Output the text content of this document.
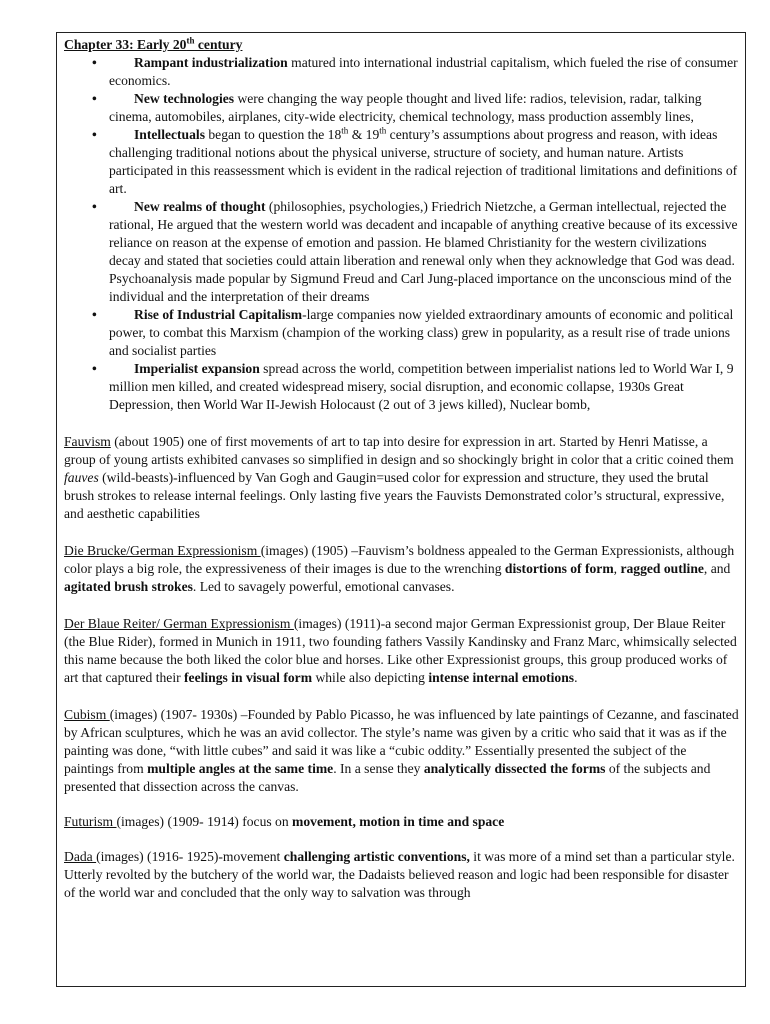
Chapter 33: Early 20th century
•	Rampant industrialization matured into international industrial capitalism, which fueled the rise of consumer economics.
•	New technologies were changing the way people thought and lived life: radios, television, radar, talking cinema, automobiles, airplanes, city-wide electricity, chemical technology, mass production assembly lines,
•	Intellectuals began to question the 18th & 19th century’s assumptions about progress and reason, with ideas challenging traditional notions about the physical universe, structure of society, and human nature. Artists participated in this reassessment which is evident in the radical rejection of traditional limitations and definitions of art.
•	New realms of thought (philosophies, psychologies,) Friedrich Nietzche, a German intellectual, rejected the rational, He argued that the western world was decadent and incapable of anything creative because of its excessive reliance on reason at the expense of emotion and passion. He blamed Christianity for the western civilizations decay and stated that societies could attain liberation and renewal only when they acknowledge that God was dead. Psychoanalysis made popular by Sigmund Freud and Carl Jung-placed importance on the unconscious mind of the individual and the interpretation of their dreams
•	Rise of Industrial Capitalism-large companies now yielded extraordinary amounts of economic and political power, to combat this Marxism (champion of the working class) grew in popularity, as a result rise of trade unions and socialist parties
•	Imperialist expansion spread across the world, competition between imperialist nations led to World War I, 9 million men killed, and created widespread misery, social disruption, and economic collapse, 1930s Great Depression, then World War II-Jewish Holocaust (2 out of 3 jews killed), Nuclear bomb,

Fauvism (about 1905) one of first movements of art to tap into desire for expression in art. Started by Henri Matisse, a group of young artists exhibited canvases so simplified in design and so shockingly bright in color that a critic coined them fauves (wild-beasts)-influenced by Van Gogh and Gaugin=used color for expression and structure, they used the brutal brush strokes to release internal feelings. Only lasting five years the Fauvists Demonstrated color’s structural, expressive, and aesthetic capabilities

Die Brucke/German Expressionism (images) (1905) –Fauvism’s boldness appealed to the German Expressionists, although color plays a big role, the expressiveness of their images is due to the wrenching distortions of form, ragged outline, and agitated brush strokes. Led to savagely powerful, emotional canvases.

Der Blaue Reiter/ German Expressionism (images) (1911)-a second major German Expressionist group, Der Blaue Reiter (the Blue Rider), formed in Munich in 1911, two founding fathers Vassily Kandinsky and Franz Marc, whimsically selected this name because the both liked the color blue and horses. Like other Expressionist groups, this group produced works of art that captured their feelings in visual form while also depicting intense internal emotions.

Cubism (images) (1907- 1930s) –Founded by Pablo Picasso, he was influenced by late paintings of Cezanne, and fascinated by African sculptures, which he was an avid collector. The style’s name was given by a critic who said that it was as if the painting was done, “with little cubes” and said it was like a “cubic oddity.” Essentially presented the subject of the paintings from multiple angles at the same time. In a sense they analytically dissected the forms of the subjects and presented that dissection across the canvas.

Futurism (images) (1909- 1914) focus on movement, motion in time and space

Dada (images) (1916- 1925)-movement challenging artistic conventions, it was more of a mind set than a particular style. Utterly revolted by the butchery of the world war, the Dadaists believed reason and logic had been responsible for disaster of the world war and concluded that the only way to salvation was through
